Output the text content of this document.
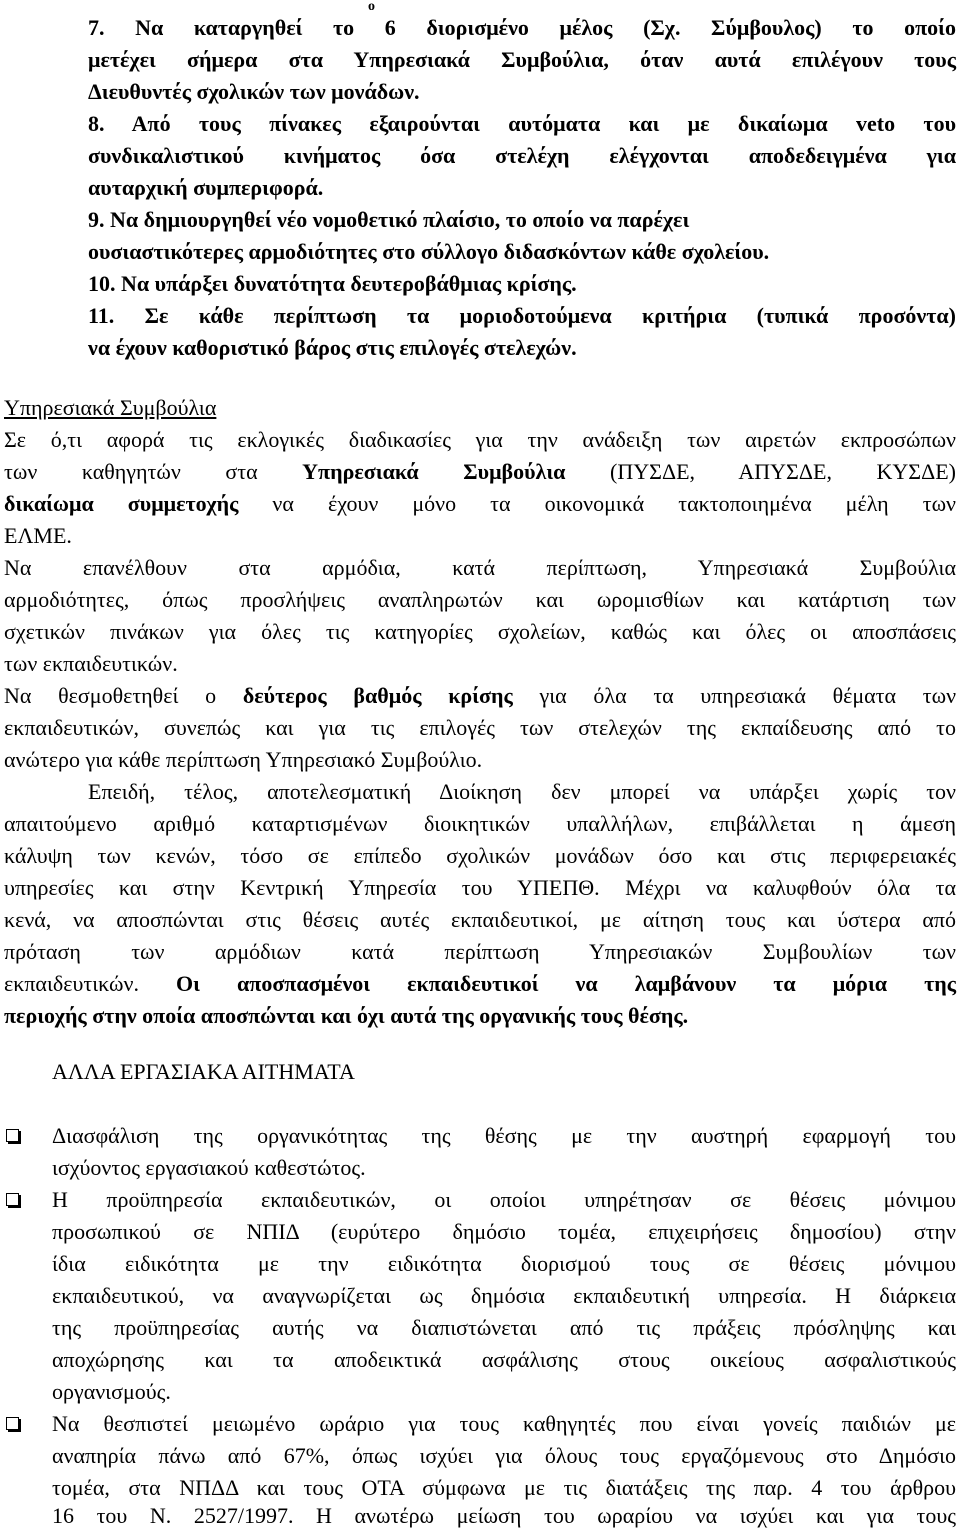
ο
7. Να καταργηθεί το 6 διορισμένο μέλος (Σχ. Σύμβουλος) το οποίο
μετέχει σήμερα στα Υπηρεσιακά Συμβούλια, όταν αυτά επιλέγουν τους
Διευθυντές σχολικών των μονάδων.
8. Από τους πίνακες εξαιρούνται αυτόματα και με δικαίωμα veto του
συνδικαλιστικού κινήματος όσα στελέχη ελέγχονται αποδεδειγμένα για
αυταρχική συμπεριφορά.
9. Να δημιουργηθεί νέο νομοθετικό πλαίσιο, το οποίο να παρέχει
ουσιαστικότερες αρμοδιότητες στο σύλλογο διδασκόντων κάθε σχολείου.
10. Να υπάρξει δυνατότητα δευτεροβάθμιας κρίσης.
11. Σε κάθε περίπτωση τα μοριοδοτούμενα κριτήρια (τυπικά προσόντα)
να έχουν καθοριστικό βάρος στις επιλογές στελεχών.
Υπηρεσιακά Συμβούλια
Σε ό,τι αφορά τις εκλογικές διαδικασίες για την ανάδειξη των αιρετών εκπροσώπων
των καθηγητών στα Υπηρεσιακά Συμβούλια (ΠΥΣΔΕ, ΑΠΥΣΔΕ, ΚΥΣΔΕ)
δικαίωμα συμμετοχής να έχουν μόνο τα οικονομικά τακτοποιημένα μέλη των
ΕΛΜΕ.
Να επανέλθουν στα αρμόδια, κατά περίπτωση, Υπηρεσιακά Συμβούλια
αρμοδιότητες, όπως προσλήψεις αναπληρωτών και ωρομισθίων και κατάρτιση των
σχετικών πινάκων για όλες τις κατηγορίες σχολείων, καθώς και όλες οι αποσπάσεις
των εκπαιδευτικών.
Να θεσμοθετηθεί ο δεύτερος βαθμός κρίσης για όλα τα υπηρεσιακά θέματα των
εκπαιδευτικών, συνεπώς και για τις επιλογές των στελεχών της εκπαίδευσης από το
ανώτερο για κάθε περίπτωση Υπηρεσιακό Συμβούλιο.
Επειδή, τέλος, αποτελεσματική Διοίκηση δεν μπορεί να υπάρξει χωρίς τον
απαιτούμενο αριθμό καταρτισμένων διοικητικών υπαλλήλων, επιβάλλεται η άμεση
κάλυψη των κενών, τόσο σε επίπεδο σχολικών μονάδων όσο και στις περιφερειακές
υπηρεσίες και στην Κεντρική Υπηρεσία του ΥΠΕΠΘ. Μέχρι να καλυφθούν όλα τα
κενά, να αποσπώνται στις θέσεις αυτές εκπαιδευτικοί, με αίτηση τους και ύστερα από
πρόταση των αρμόδιων κατά περίπτωση Υπηρεσιακών Συμβουλίων των
εκπαιδευτικών. Οι αποσπασμένοι εκπαιδευτικοί να λαμβάνουν τα μόρια της
περιοχής στην οποία αποσπώνται και όχι αυτά της οργανικής τους θέσης.
ΑΛΛΑ ΕΡΓΑΣΙΑΚΑ ΑΙΤΗΜΑΤΑ
Διασφάλιση της οργανικότητας της θέσης με την αυστηρή εφαρμογή του
ισχύοντος εργασιακού καθεστώτος.
Η προϋπηρεσία εκπαιδευτικών, οι οποίοι υπηρέτησαν σε θέσεις μόνιμου
προσωπικού σε ΝΠΙΔ (ευρύτερο δημόσιο τομέα, επιχειρήσεις δημοσίου) στην
ίδια ειδικότητα με την ειδικότητα διορισμού τους σε θέσεις μόνιμου
εκπαιδευτικού, να αναγνωρίζεται ως δημόσια εκπαιδευτική υπηρεσία. Η διάρκεια
της προϋπηρεσίας αυτής να διαπιστώνεται από τις πράξεις πρόσληψης και
αποχώρησης και τα αποδεικτικά ασφάλισης στους οικείους ασφαλιστικούς
οργανισμούς.
Να θεσπιστεί μειωμένο ωράριο για τους καθηγητές που είναι γονείς παιδιών με
αναπηρία πάνω από 67%, όπως ισχύει για όλους τους εργαζόμενους στο Δημόσιο
τομέα, στα ΝΠΔΔ και τους ΟΤΑ σύμφωνα με τις διατάξεις της παρ. 4 του άρθρου
16 του Ν. 2527/1997. Η ανωτέρω μείωση του ωραρίου να ισχύει και για τους
